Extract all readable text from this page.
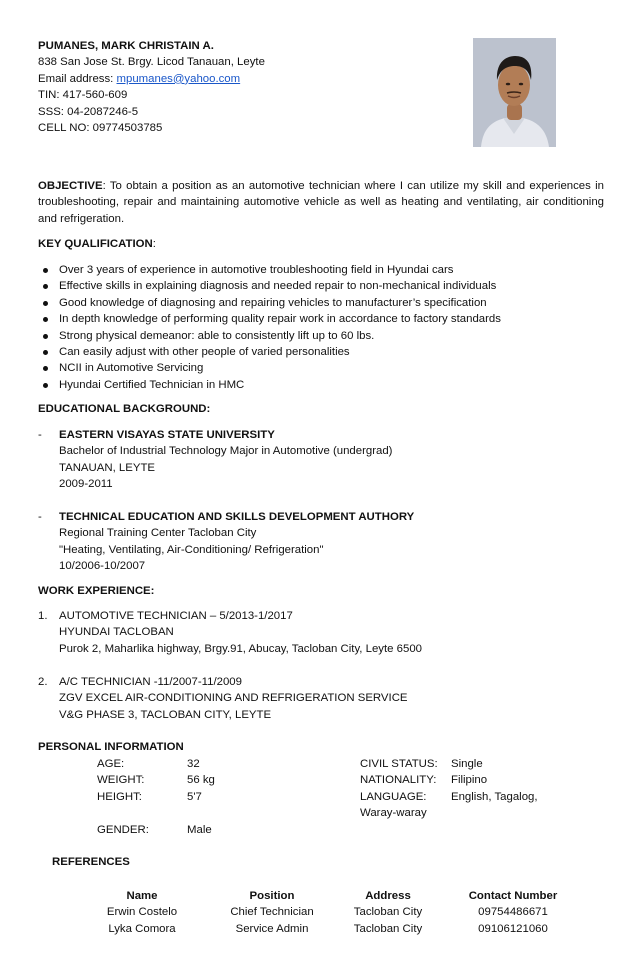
PUMANES, MARK CHRISTAIN A.
838 San Jose St. Brgy. Licod Tanauan, Leyte
Email address: mpumanes@yahoo.com
TIN: 417-560-609
SSS: 04-2087246-5
CELL NO: 09774503785
OBJECTIVE: To obtain a position as an automotive technician where I can utilize my skill and experiences in troubleshooting, repair and maintaining automotive vehicle as well as heating and ventilating, air conditioning and refrigeration.
KEY QUALIFICATION:
Over 3 years of experience in automotive troubleshooting field in Hyundai cars
Effective skills in explaining diagnosis and needed repair to non-mechanical individuals
Good knowledge of diagnosing and repairing vehicles to manufacturer’s specification
In depth knowledge of performing quality repair work in accordance to factory standards
Strong physical demeanor: able to consistently lift up to 60 lbs.
Can easily adjust with other people of varied personalities
NCII in Automotive Servicing
Hyundai Certified Technician in HMC
EDUCATIONAL BACKGROUND:
- EASTERN VISAYAS STATE UNIVERSITY
Bachelor of Industrial Technology Major in Automotive (undergrad)
TANAUAN, LEYTE
2009-2011
- TECHNICAL EDUCATION AND SKILLS DEVELOPMENT AUTHORY
Regional Training Center Tacloban City
"Heating, Ventilating, Air-Conditioning/ Refrigeration"
10/2006-10/2007
WORK EXPERIENCE:
1. AUTOMOTIVE TECHNICIAN – 5/2013-1/2017
HYUNDAI TACLOBAN
Purok 2, Maharlika highway, Brgy.91, Abucay, Tacloban City, Leyte 6500
2. A/C TECHNICIAN -11/2007-11/2009
ZGV EXCEL AIR-CONDITIONING AND REFRIGERATION SERVICE
V&G PHASE 3, TACLOBAN CITY, LEYTE
PERSONAL INFORMATION
AGE:	32
WEIGHT:	56 kg
HEIGHT:	5'7
GENDER:	Male
CIVIL STATUS: Single
NATIONALITY: Filipino
LANGUAGE: English, Tagalog,
Waray-waray
REFERENCES
Name	Position	Address	Contact Number
Erwin Costelo	Chief Technician	Tacloban City	09754486671
Lyka Comora	Service Admin	Tacloban City	09106121060
